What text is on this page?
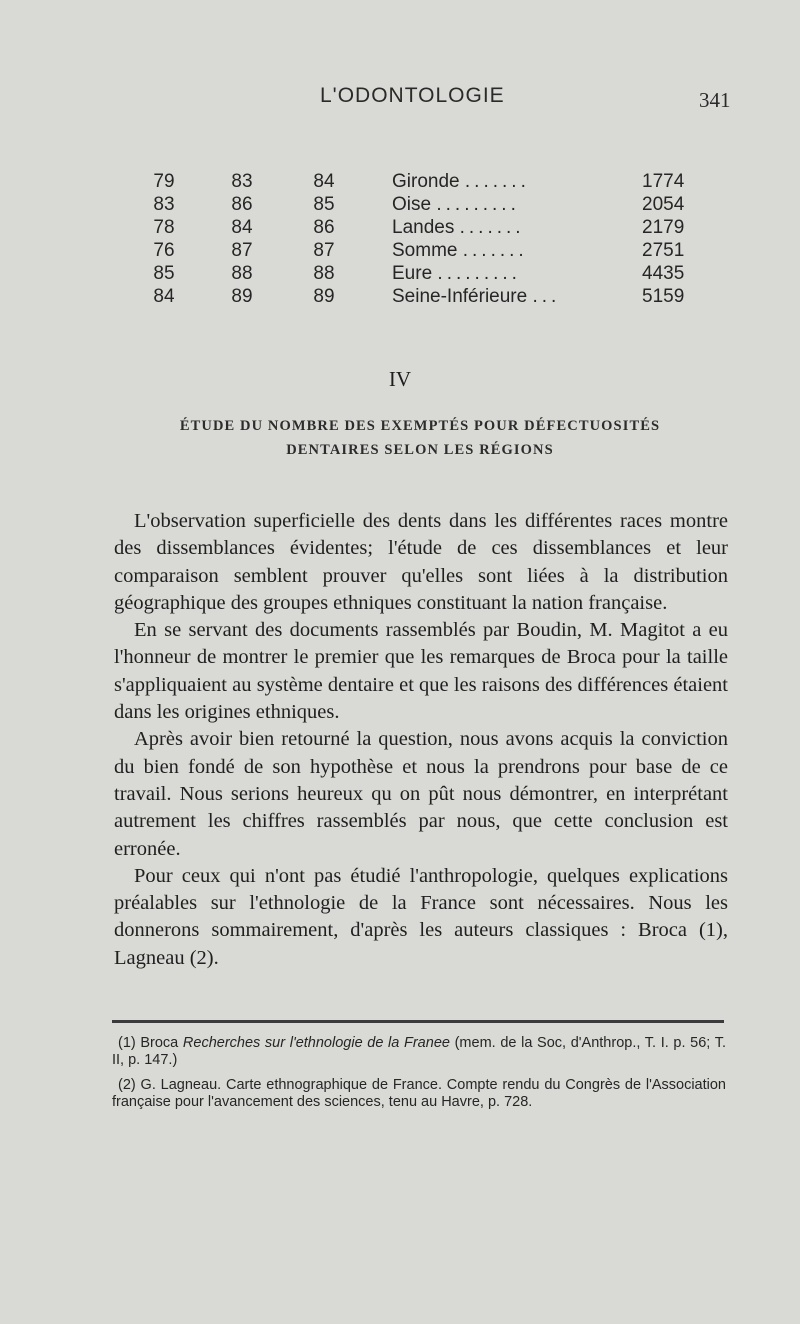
L'ODONTOLOGIE	341
79	83	84	Gironde .......	1774
83	86	85	Oise .........	2054
78	84	86	Landes .......	2179
76	87	87	Somme .......	2751
85	88	88	Eure .........	4435
84	89	89	Seine-Inférieure ...	5159
IV
ÉTUDE DU NOMBRE DES EXEMPTÉS POUR DÉFECTUOSITÉS
DENTAIRES SELON LES RÉGIONS

L'observation superficielle des dents dans les différentes races montre des dissemblances évidentes; l'étude de ces dissemblances et leur comparaison semblent prouver qu'elles sont liées à la distribution géographique des groupes ethniques constituant la nation française.

En se servant des documents rassemblés par Boudin, M. Magitot a eu l'honneur de montrer le premier que les remarques de Broca pour la taille s'appliquaient au système dentaire et que les raisons des différences étaient dans les origines ethniques.

Après avoir bien retourné la question, nous avons acquis la conviction du bien fondé de son hypothèse et nous la prendrons pour base de ce travail. Nous serions heureux qu on pût nous démontrer, en interprétant autrement les chiffres rassemblés par nous, que cette conclusion est erronée.

Pour ceux qui n'ont pas étudié l'anthropologie, quelques explications préalables sur l'ethnologie de la France sont nécessaires. Nous les donnerons sommairement, d'après les auteurs classiques : Broca (1), Lagneau (2).

(1) Broca Recherches sur l'ethnologie de la Franee (mem. de la Soc, d'Anthrop., T. I. p. 56; T. II, p. 147.)

(2) G. Lagneau. Carte ethnographique de France. Compte rendu du Congrès de l'Association française pour l'avancement des sciences, tenu au Havre, p. 728.
